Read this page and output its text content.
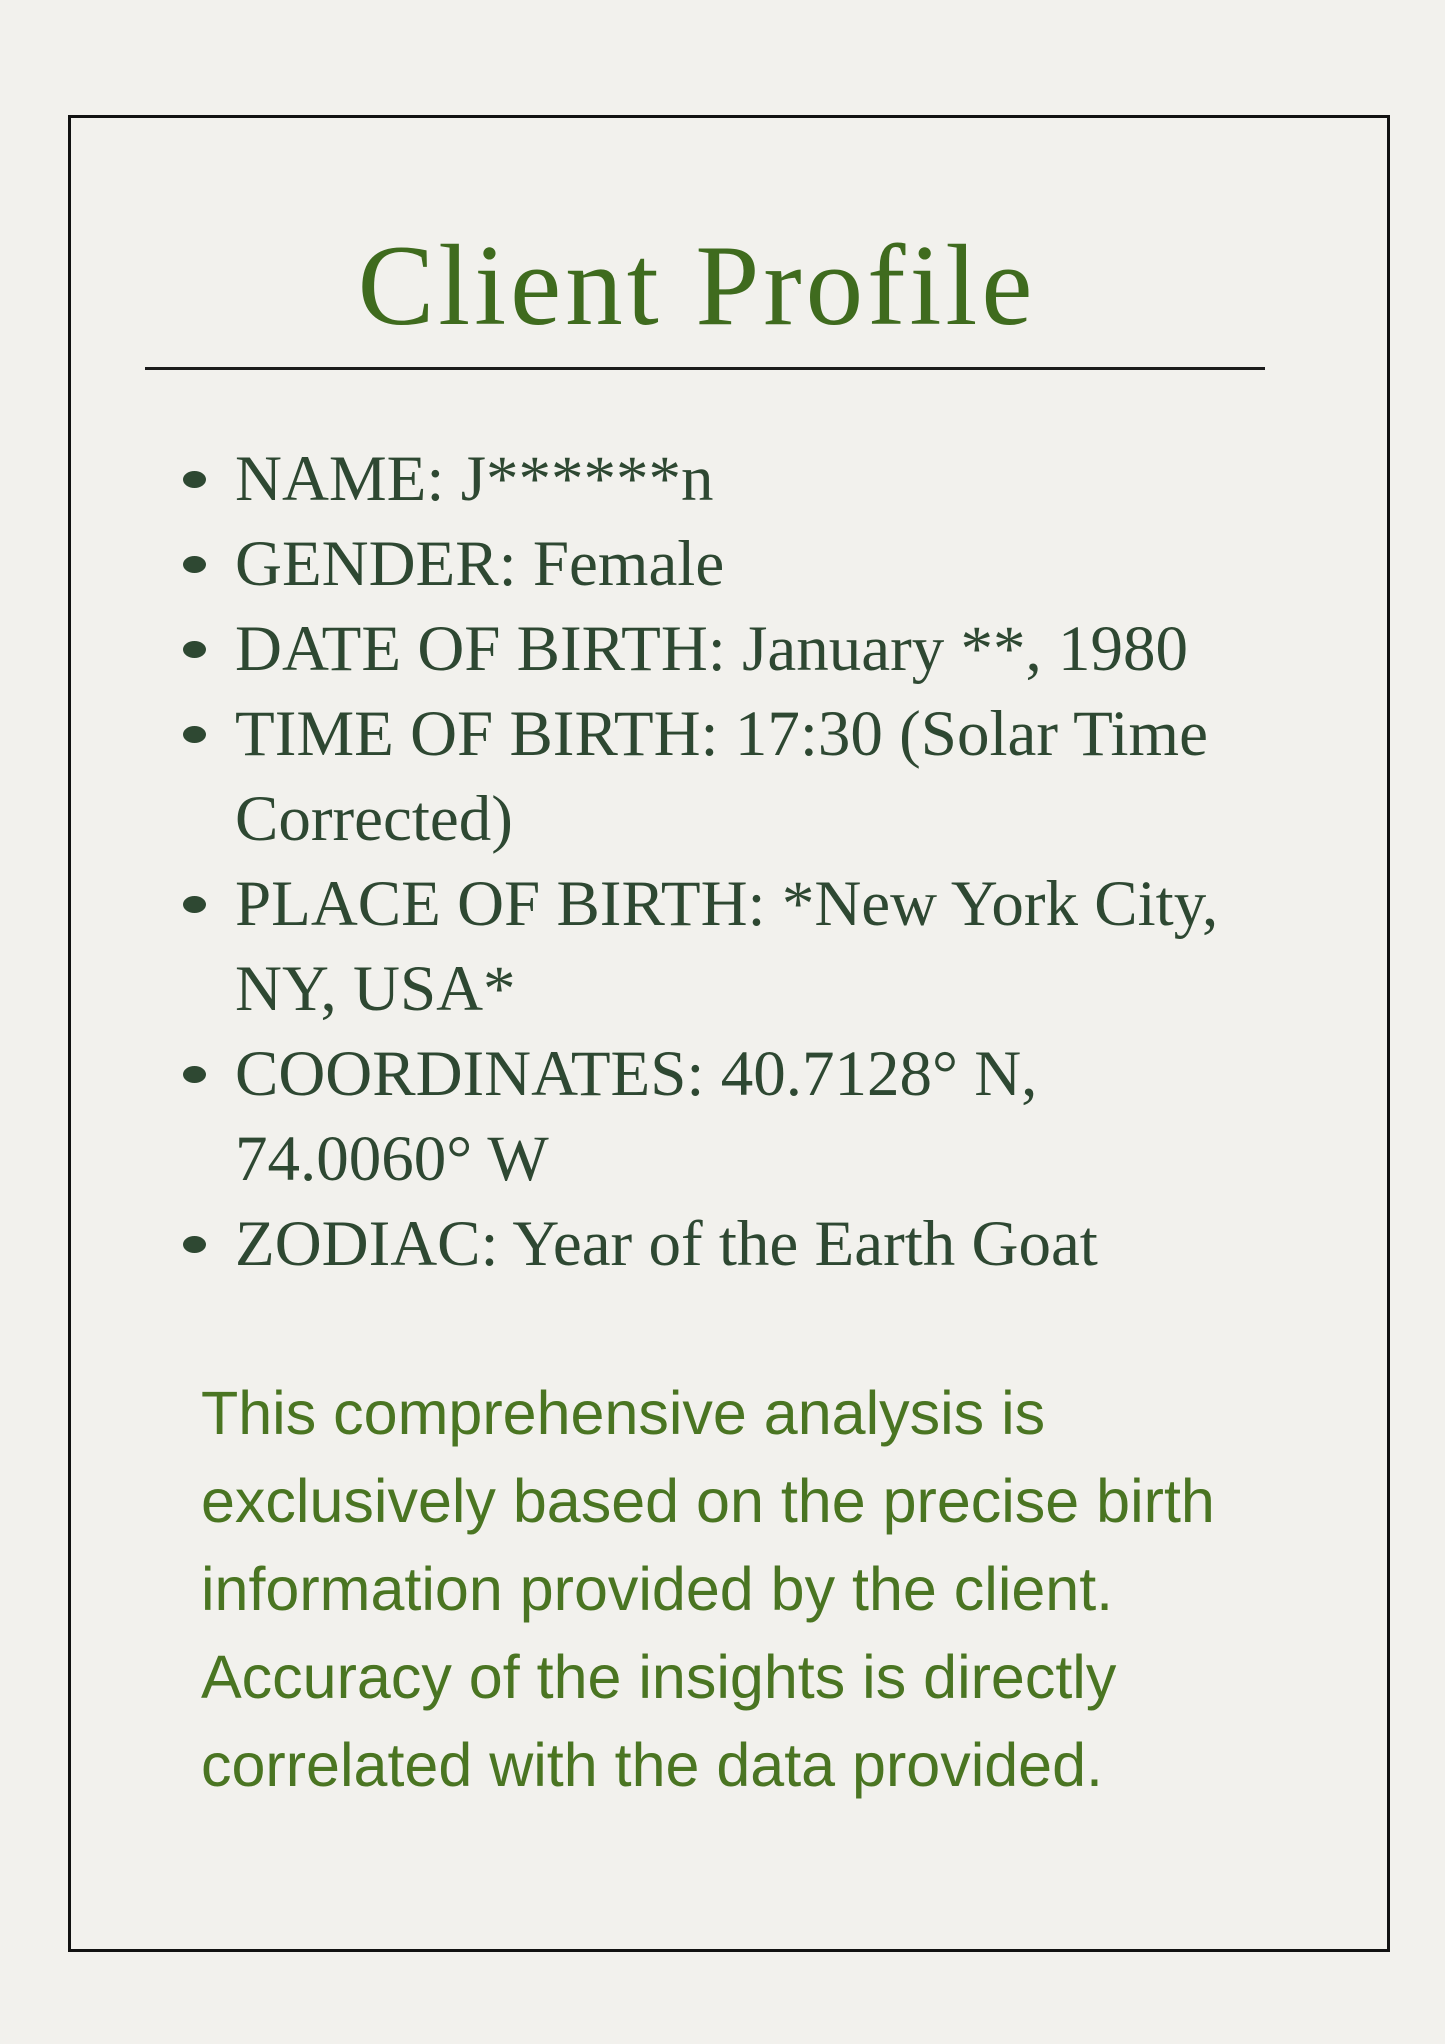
Client Profile
NAME: J******n
GENDER: Female
DATE OF BIRTH: January **, 1980
TIME OF BIRTH: 17:30 (Solar Time
Corrected)
PLACE OF BIRTH: *New York City,
NY, USA*
COORDINATES: 40.7128° N,
74.0060° W
ZODIAC: Year of the Earth Goat
This comprehensive analysis is
exclusively based on the precise birth
information provided by the client.
Accuracy of the insights is directly
correlated with the data provided.
